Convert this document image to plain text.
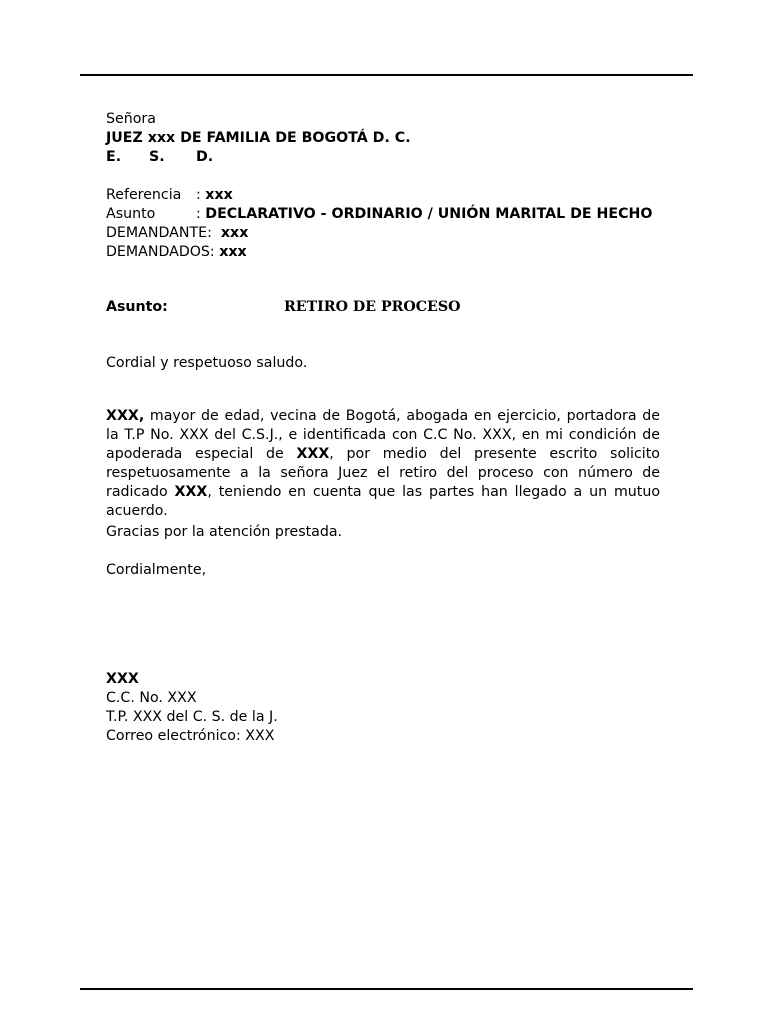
Señora
JUEZ xxx DE FAMILIA DE BOGOTÁ D. C.
E. S. D.
Referencia : xxx
Asunto	: DECLARATIVO - ORDINARIO / UNIÓN MARITAL DE HECHO
DEMANDANTE: xxx
DEMANDADOS: xxx
Asunto:	RETIRO DE PROCESO
Cordial y respetuoso saludo.
XXX, mayor de edad, vecina de Bogotá, abogada en ejercicio, portadora de la T.P No. XXX del C.S.J., e identificada con C.C No. XXX, en mi condición de apoderada especial de XXX, por medio del presente escrito solicito respetuosamente a la señora Juez el retiro del proceso con número de radicado XXX, teniendo en cuenta que las partes han llegado a un mutuo acuerdo.
Gracias por la atención prestada.
Cordialmente,
XXX
C.C. No. XXX
T.P. XXX del C. S. de la J.
Correo electrónico: XXX
